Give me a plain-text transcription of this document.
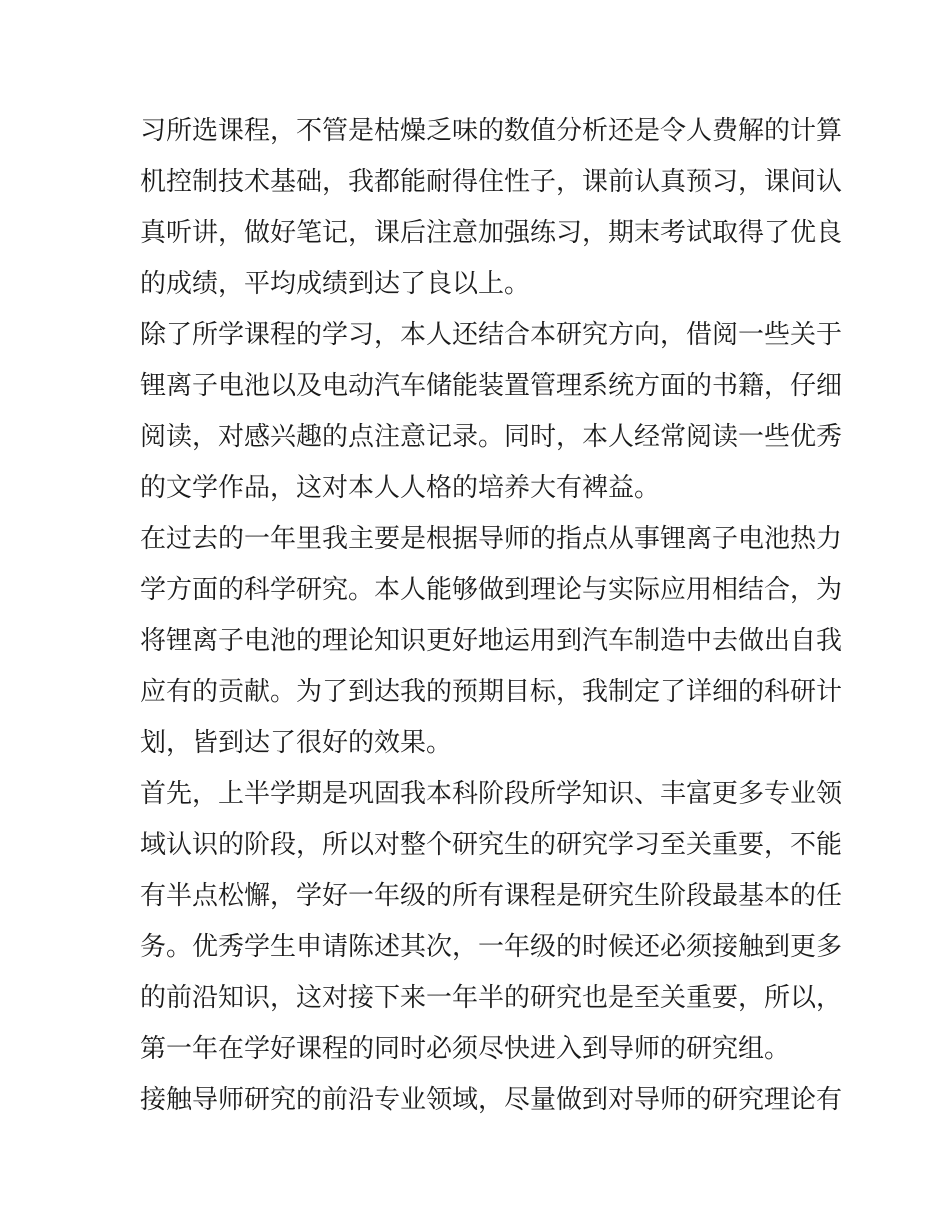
习所选课程，不管是枯燥乏味的数值分析还是令人费解的计算
机控制技术基础，我都能耐得住性子，课前认真预习，课间认
真听讲，做好笔记，课后注意加强练习，期末考试取得了优良
的成绩，平均成绩到达了良以上。
除了所学课程的学习，本人还结合本研究方向，借阅一些关于
锂离子电池以及电动汽车储能装置管理系统方面的书籍，仔细
阅读，对感兴趣的点注意记录。同时，本人经常阅读一些优秀
的文学作品，这对本人人格的培养大有裨益。
在过去的一年里我主要是根据导师的指点从事锂离子电池热力
学方面的科学研究。本人能够做到理论与实际应用相结合，为
将锂离子电池的理论知识更好地运用到汽车制造中去做出自我
应有的贡献。为了到达我的预期目标，我制定了详细的科研计
划，皆到达了很好的效果。
首先，上半学期是巩固我本科阶段所学知识、丰富更多专业领
域认识的阶段，所以对整个研究生的研究学习至关重要，不能
有半点松懈，学好一年级的所有课程是研究生阶段最基本的任
务。优秀学生申请陈述其次，一年级的时候还必须接触到更多
的前沿知识，这对接下来一年半的研究也是至关重要，所以，
第一年在学好课程的同时必须尽快进入到导师的研究组。
接触导师研究的前沿专业领域，尽量做到对导师的研究理论有
